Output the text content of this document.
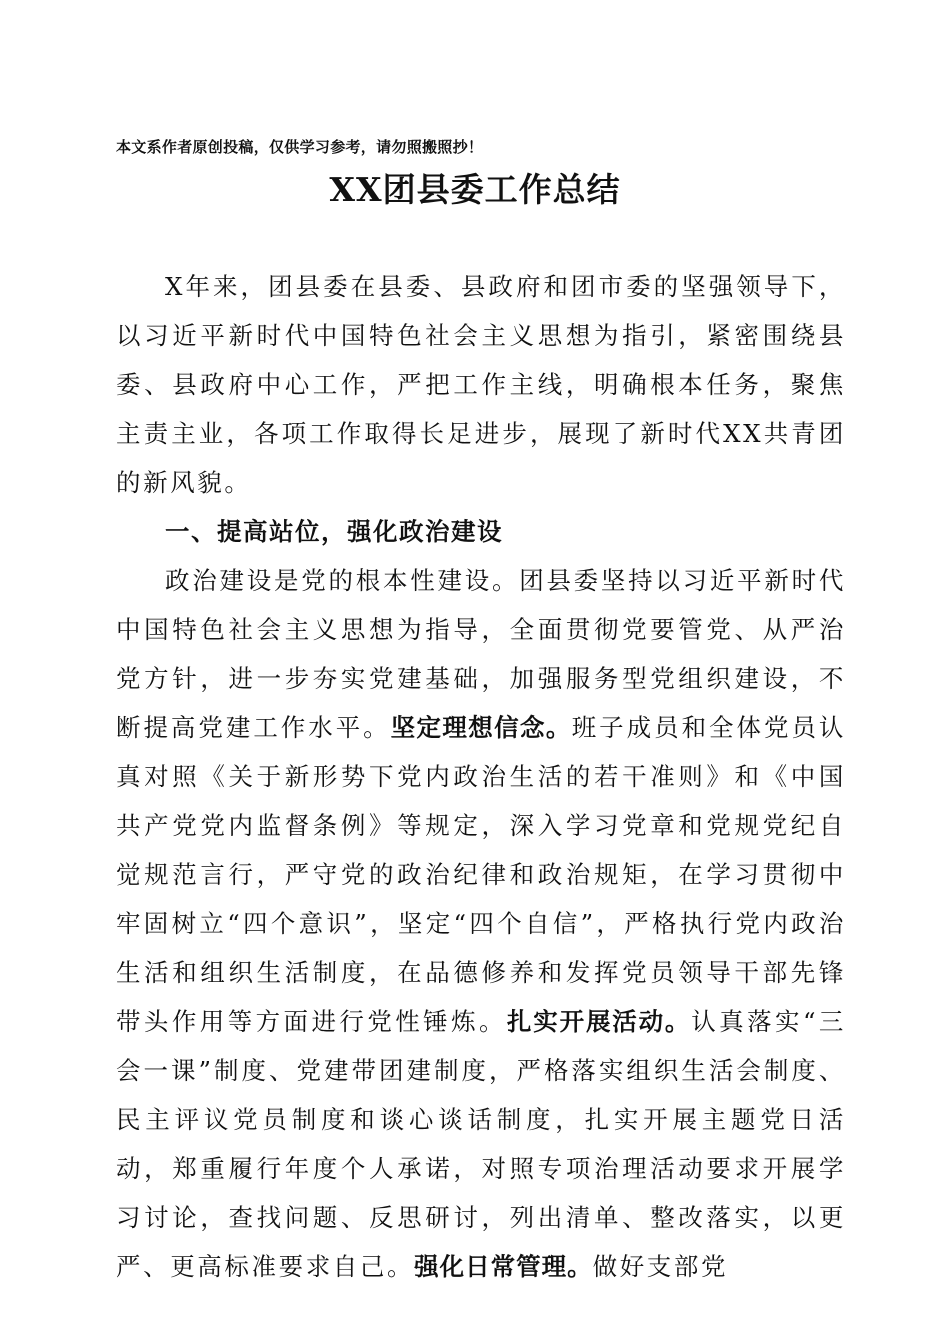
本文系作者原创投稿，仅供学习参考，请勿照搬照抄！
XX团县委工作总结

X年来，团县委在县委、县政府和团市委的坚强领导下，以习近平新时代中国特色社会主义思想为指引，紧密围绕县委、县政府中心工作，严把工作主线，明确根本任务，聚焦主责主业，各项工作取得长足进步，展现了新时代XX共青团的新风貌。

一、提高站位，强化政治建设

政治建设是党的根本性建设。团县委坚持以习近平新时代中国特色社会主义思想为指导，全面贯彻党要管党、从严治党方针，进一步夯实党建基础，加强服务型党组织建设，不断提高党建工作水平。坚定理想信念。班子成员和全体党员认真对照《关于新形势下党内政治生活的若干准则》和《中国共产党党内监督条例》等规定，深入学习党章和党规党纪自觉规范言行，严守党的政治纪律和政治规矩，在学习贯彻中牢固树立“四个意识”，坚定“四个自信”，严格执行党内政治生活和组织生活制度，在品德修养和发挥党员领导干部先锋带头作用等方面进行党性锤炼。扎实开展活动。认真落实“三会一课”制度、党建带团建制度，严格落实组织生活会制度、民主评议党员制度和谈心谈话制度，扎实开展主题党日活动，郑重履行年度个人承诺，对照专项治理活动要求开展学习讨论，查找问题、反思研讨，列出清单、整改落实，以更严、更高标准要求自己。强化日常管理。做好支部党
